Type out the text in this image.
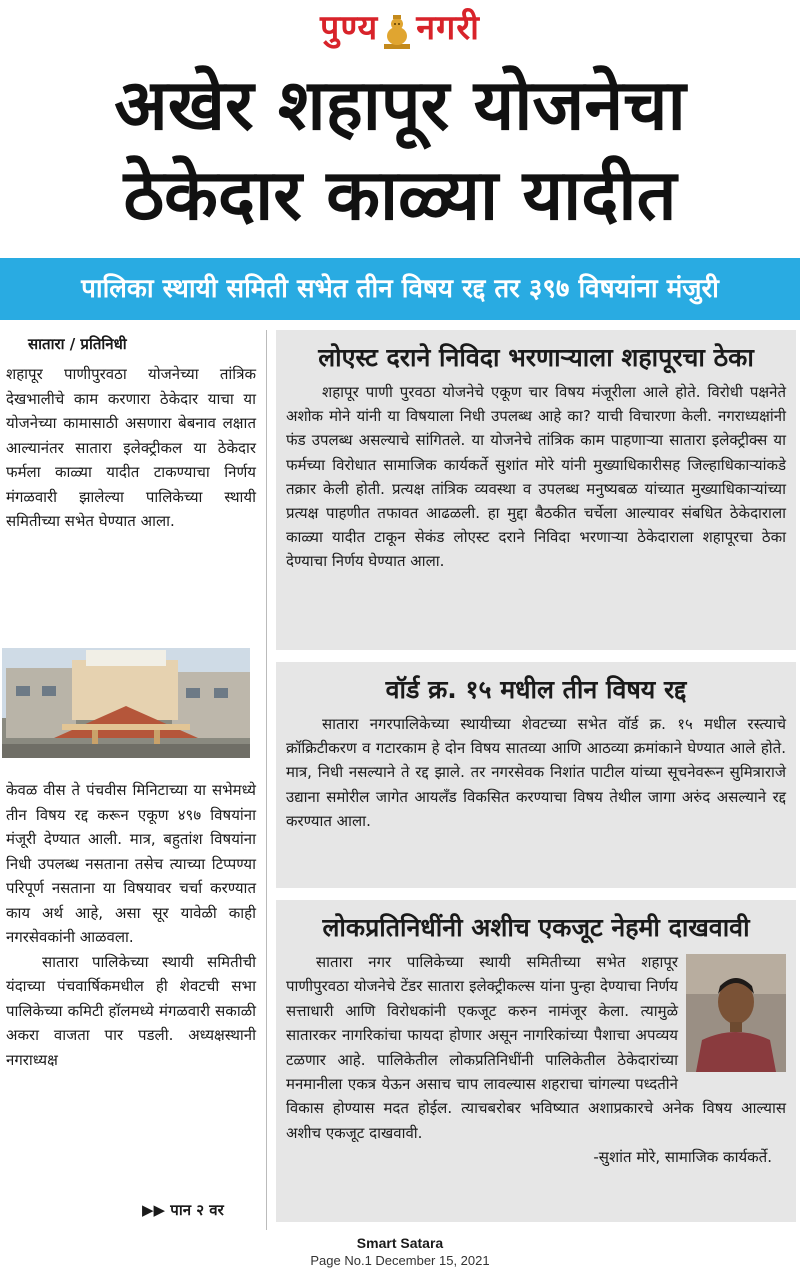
पुण्य नगरी
अखेर शहापूर योजनेचा
ठेकेदार काळ्या यादीत
पालिका स्थायी समिती सभेत तीन विषय रद्द तर ३९७ विषयांना मंजुरी
सातारा / प्रतिनिधी
शहापूर पाणीपुरवठा योजनेच्या तांत्रिक देखभालीचे काम करणारा ठेकेदार याचा या योजनेच्या कामासाठी असणारा बेबनाव लक्षात आल्यानंतर सातारा इलेक्ट्रीकल या ठेकेदार फर्मला काळ्या यादीत टाकण्याचा निर्णय मंगळवारी झालेल्या पालिकेच्या स्थायी समितीच्या सभेत घेण्यात आला.
केवळ वीस ते पंचवीस मिनिटाच्या या सभेमध्ये तीन विषय रद्द करून एकूण ४९७ विषयांना मंजूरी देण्यात आली. मात्र, बहुतांश विषयांना निधी उपलब्ध नसताना तसेच त्याच्या टिप्पण्या परिपूर्ण नसताना या विषयावर चर्चा करण्यात काय अर्थ आहे, असा सूर यावेळी काही नगरसेवकांनी आळवला.
सातारा पालिकेच्या स्थायी समितीची यंदाच्या पंचवार्षिकमधील ही शेवटची सभा पालिकेच्या कमिटी हॉलमध्ये मंगळवारी सकाळी अकरा वाजता पार पडली. अध्यक्षस्थानी नगराध्यक्ष
▶▶ पान २ वर
लोएस्ट दराने निविदा भरणाऱ्याला शहापूरचा ठेका

शहापूर पाणी पुरवठा योजनेचे एकूण चार विषय मंजूरीला आले होते. विरोधी पक्षनेते अशोक मोने यांनी या विषयाला निधी उपलब्ध आहे का? याची विचारणा केली. नगराध्यक्षांनी फंड उपलब्ध असल्याचे सांगितले. या योजनेचे तांत्रिक काम पाहणाऱ्या सातारा इलेक्ट्रीक्स या फर्मच्या विरोधात सामाजिक कार्यकर्ते सुशांत मोरे यांनी मुख्याधिकारीसह जिल्हाधिकाऱ्यांकडे तक्रार केली होती. प्रत्यक्ष तांत्रिक व्यवस्था व उपलब्ध मनुष्यबळ यांच्यात मुख्याधिकाऱ्यांच्या प्रत्यक्ष पाहणीत तफावत आढळली. हा मुद्दा बैठकीत चर्चेला आल्यावर संबधित ठेकेदाराला काळ्या यादीत टाकून सेकंड लोएस्ट दराने निविदा भरणाऱ्या ठेकेदाराला शहापूरचा ठेका देण्याचा निर्णय घेण्यात आला.

वॉर्ड क्र. १५ मधील तीन विषय रद्द

सातारा नगरपालिकेच्या स्थायीच्या शेवटच्या सभेत वॉर्ड क्र. १५ मधील रस्त्याचे क्रॉक्रिटीकरण व गटारकाम हे दोन विषय सातव्या आणि आठव्या क्रमांकाने घेण्यात आले होते. मात्र, निधी नसल्याने ते रद्द झाले. तर नगरसेवक निशांत पाटील यांच्या सूचनेवरून सुमित्राराजे उद्याना समोरील जागेत आयलॅंड विकसित करण्याचा विषय तेथील जागा अरुंद असल्याने रद्द करण्यात आला.

लोकप्रतिनिधींनी अशीच एकजूट नेहमी दाखवावी
सातारा नगर पालिकेच्या स्थायी समितीच्या सभेत शहापूर पाणीपुरवठा योजनेचे टेंडर सातारा इलेक्ट्रीकल्स यांना पुन्हा देण्याचा निर्णय सत्ताधारी आणि विरोधकांनी एकजूट करुन नामंजूर केला. त्यामुळे सातारकर नागरिकांचा फायदा होणार असून नागरिकांच्या पैशाचा अपव्यय टळणार आहे. पालिकेतील लोकप्रतिनिधींनी पालिकेतील ठेकेदारांच्या मनमानीला एकत्र येऊन असाच चाप लावल्यास शहराचा चांगल्या पध्दतीने विकास होण्यास मदत होईल. त्याचबरोबर भविष्यात अशाप्रकारचे अनेक विषय आल्यास अशीच एकजूट दाखवावी.
-सुशांत मोरे, सामाजिक कार्यकर्ते.
Smart Satara
Page No.1 December 15, 2021
